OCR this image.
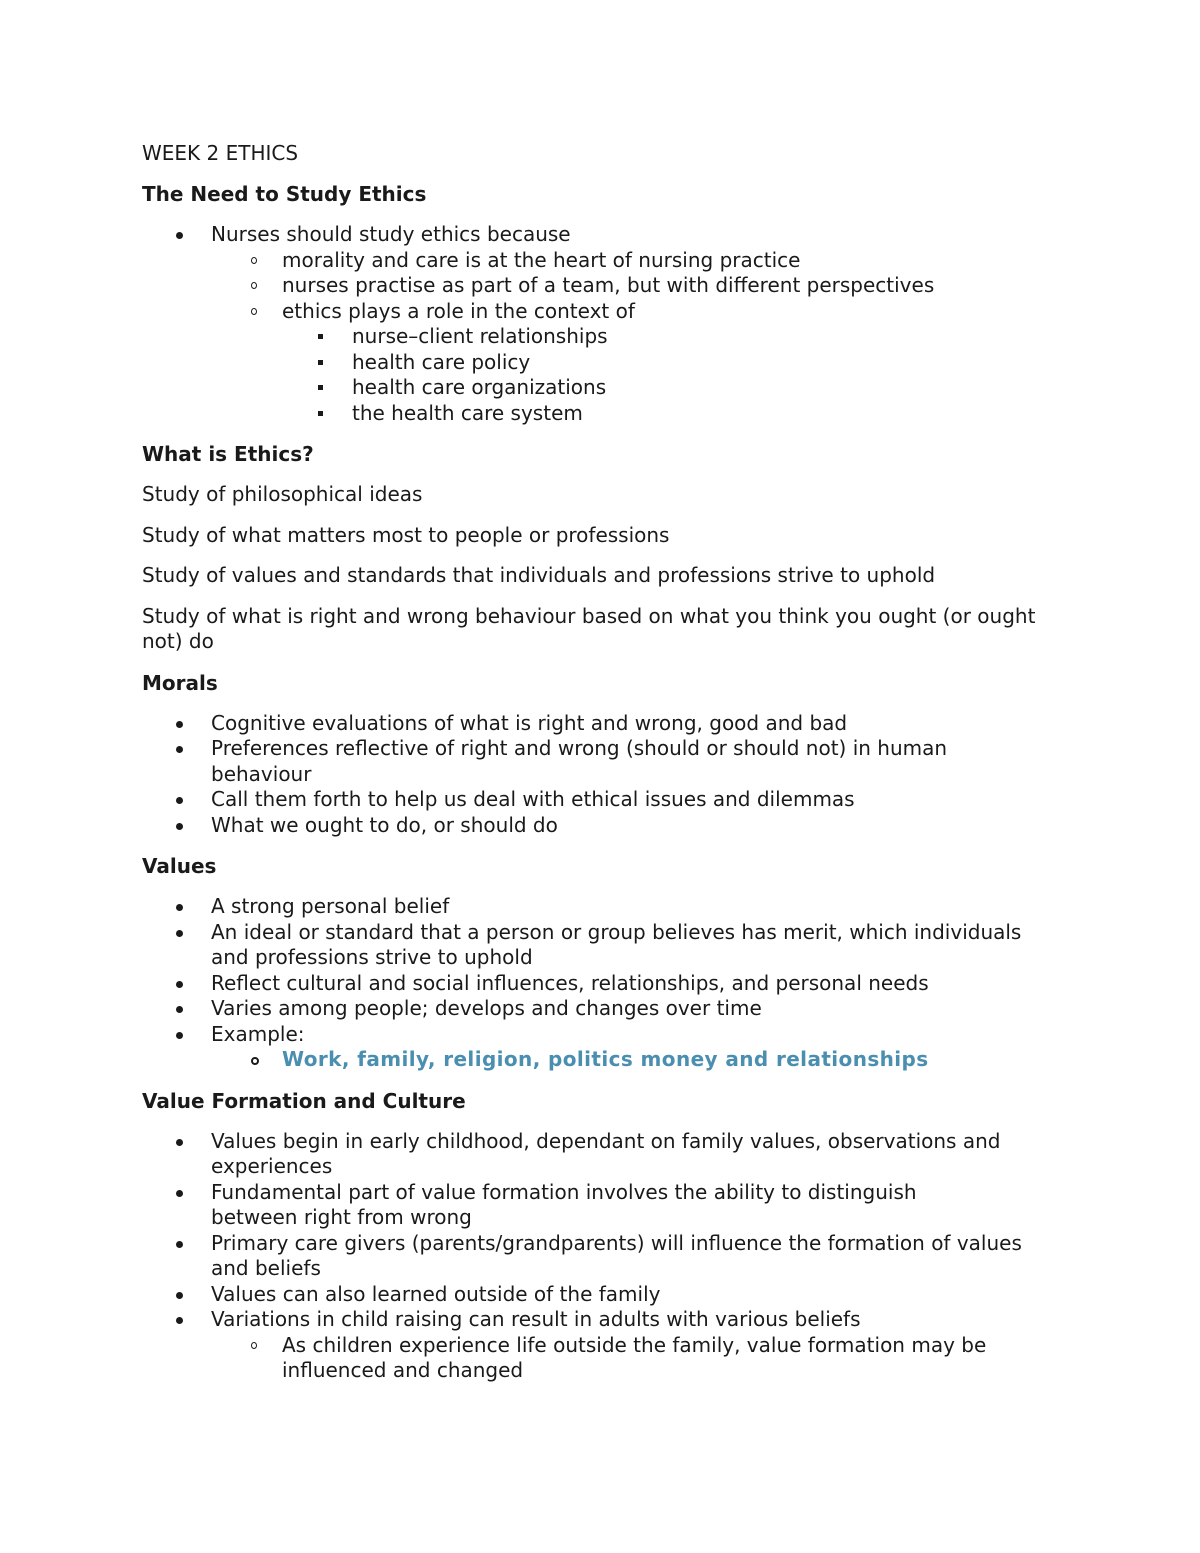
WEEK 2 ETHICS
The Need to Study Ethics
Nurses should study ethics because
morality and care is at the heart of nursing practice
nurses practise as part of a team, but with different perspectives
ethics plays a role in the context of
nurse–client relationships
health care policy
health care organizations
the health care system
What is Ethics?

Study of philosophical ideas

Study of what matters most to people or professions

Study of values and standards that individuals and professions strive to uphold

Study of what is right and wrong behaviour based on what you think you ought (or ought not) do

Morals
Cognitive evaluations of what is right and wrong, good and bad
Preferences reflective of right and wrong (should or should not) in human behaviour
Call them forth to help us deal with ethical issues and dilemmas
What we ought to do, or should do
Values
A strong personal belief
An ideal or standard that a person or group believes has merit, which individuals and professions strive to uphold
Reflect cultural and social influences, relationships, and personal needs
Varies among people; develops and changes over time
Example:
Work, family, religion, politics money and relationships
Value Formation and Culture
Values begin in early childhood, dependant on family values, observations and experiences
Fundamental part of value formation involves the ability to distinguish between right from wrong
Primary care givers (parents/grandparents) will influence the formation of values and beliefs
Values can also learned outside of the family
Variations in child raising can result in adults with various beliefs
As children experience life outside the family, value formation may be influenced and changed
